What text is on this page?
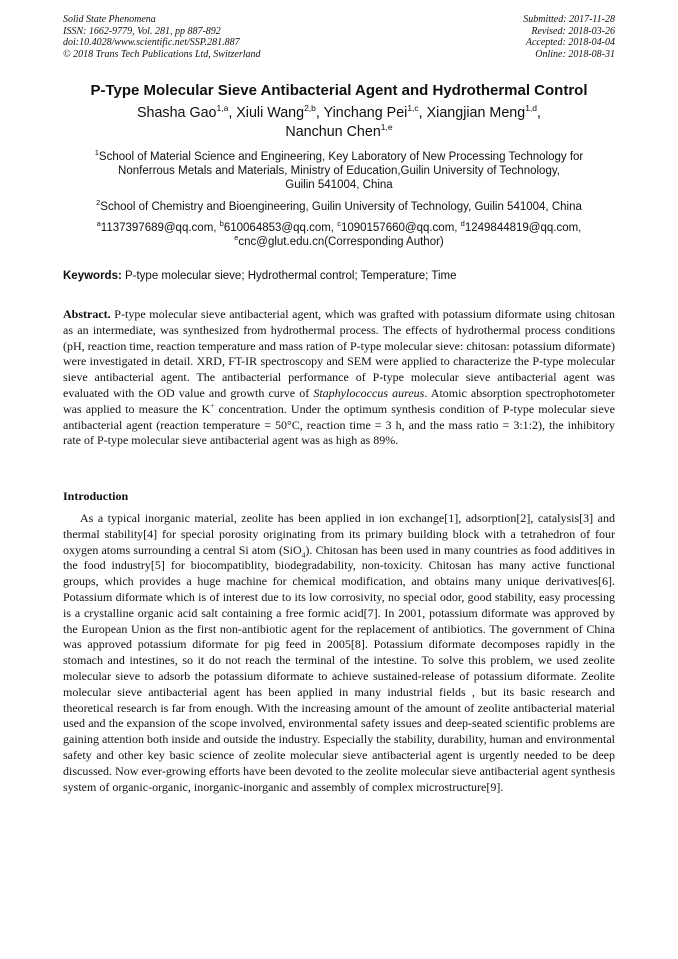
Solid State Phenomena
ISSN: 1662-9779, Vol. 281, pp 887-892
doi:10.4028/www.scientific.net/SSP.281.887
© 2018 Trans Tech Publications Ltd, Switzerland
Submitted: 2017-11-28
Revised: 2018-03-26
Accepted: 2018-04-04
Online: 2018-08-31
P-Type Molecular Sieve Antibacterial Agent and Hydrothermal Control
Shasha Gao$^{1,a}$, Xiuli Wang$^{2,b}$, Yinchang Pei$^{1,c}$, Xiangjian Meng$^{1,d}$,
Nanchun Chen$^{1,e}$
$^1$School of Material Science and Engineering, Key Laboratory of New Processing Technology for
Nonferrous Metals and Materials, Ministry of Education,Guilin University of Technology,
Guilin 541004, China
$^2$School of Chemistry and Bioengineering, Guilin University of Technology, Guilin 541004, China
$^a$1137397689@qq.com, $^b$610064853@qq.com, $^c$1090157660@qq.com, $^d$1249844819@qq.com,
$^e$cnc@glut.edu.cn(Corresponding Author)
Keywords: P-type molecular sieve; Hydrothermal control; Temperature; Time

Abstract. P-type molecular sieve antibacterial agent, which was grafted with potassium diformate using chitosan as an intermediate, was synthesized from hydrothermal process. The effects of hydrothermal process conditions (pH, reaction time, reaction temperature and mass ration of P-type molecular sieve: chitosan: potassium diformate) were investigated in detail. XRD, FT-IR spectroscopy and SEM were applied to characterize the P-type molecular sieve antibacterial agent. The antibacterial performance of P-type molecular sieve antibacterial agent was evaluated with the OD value and growth curve of Staphylococcus aureus. Atomic absorption spectrophotometer was applied to measure the K+ concentration. Under the optimum synthesis condition of P-type molecular sieve antibacterial agent (reaction temperature = 50°C, reaction time = 3 h, and the mass ratio = 3:1:2), the inhibitory rate of P-type molecular sieve antibacterial agent was as high as 89%.

Introduction

As a typical inorganic material, zeolite has been applied in ion exchange[1], adsorption[2], catalysis[3] and thermal stability[4] for special porosity originating from its primary building block with a tetrahedron of four oxygen atoms surrounding a central Si atom (SiO$_4$). Chitosan has been used in many countries as food additives in the food industry[5] for biocompatiblity, biodegradability, non-toxicity. Chitosan has many active functional groups, which provides a huge machine for chemical modification, and obtains many unique derivatives[6]. Potassium diformate which is of interest due to its low corrosivity, no special odor, good stability, easy processing is a crystalline organic acid salt containing a free formic acid[7]. In 2001, potassium diformate was approved by the European Union as the first non-antibiotic agent for the replacement of antibiotics. The government of China was approved potassium diformate for pig feed in 2005[8]. Potassium diformate decomposes rapidly in the stomach and intestines, so it do not reach the terminal of the intestine. To solve this problem, we used zeolite molecular sieve to adsorb the potassium diformate to achieve sustained-release of potassium diformate. Zeolite molecular sieve antibacterial agent has been applied in many industrial fields , but its basic research and theoretical research is far from enough. With the increasing amount of the amount of zeolite antibacterial material used and the expansion of the scope involved, environmental safety issues and deep-seated scientific problems are gaining attention both inside and outside the industry. Especially the stability, durability, human and environmental safety and other key basic science of zeolite molecular sieve antibacterial agent is urgently needed to be deep discussed. Now ever-growing efforts have been devoted to the zeolite molecular sieve antibacterial agent synthesis system of organic-organic, inorganic-inorganic and assembly of complex microstructure[9].
